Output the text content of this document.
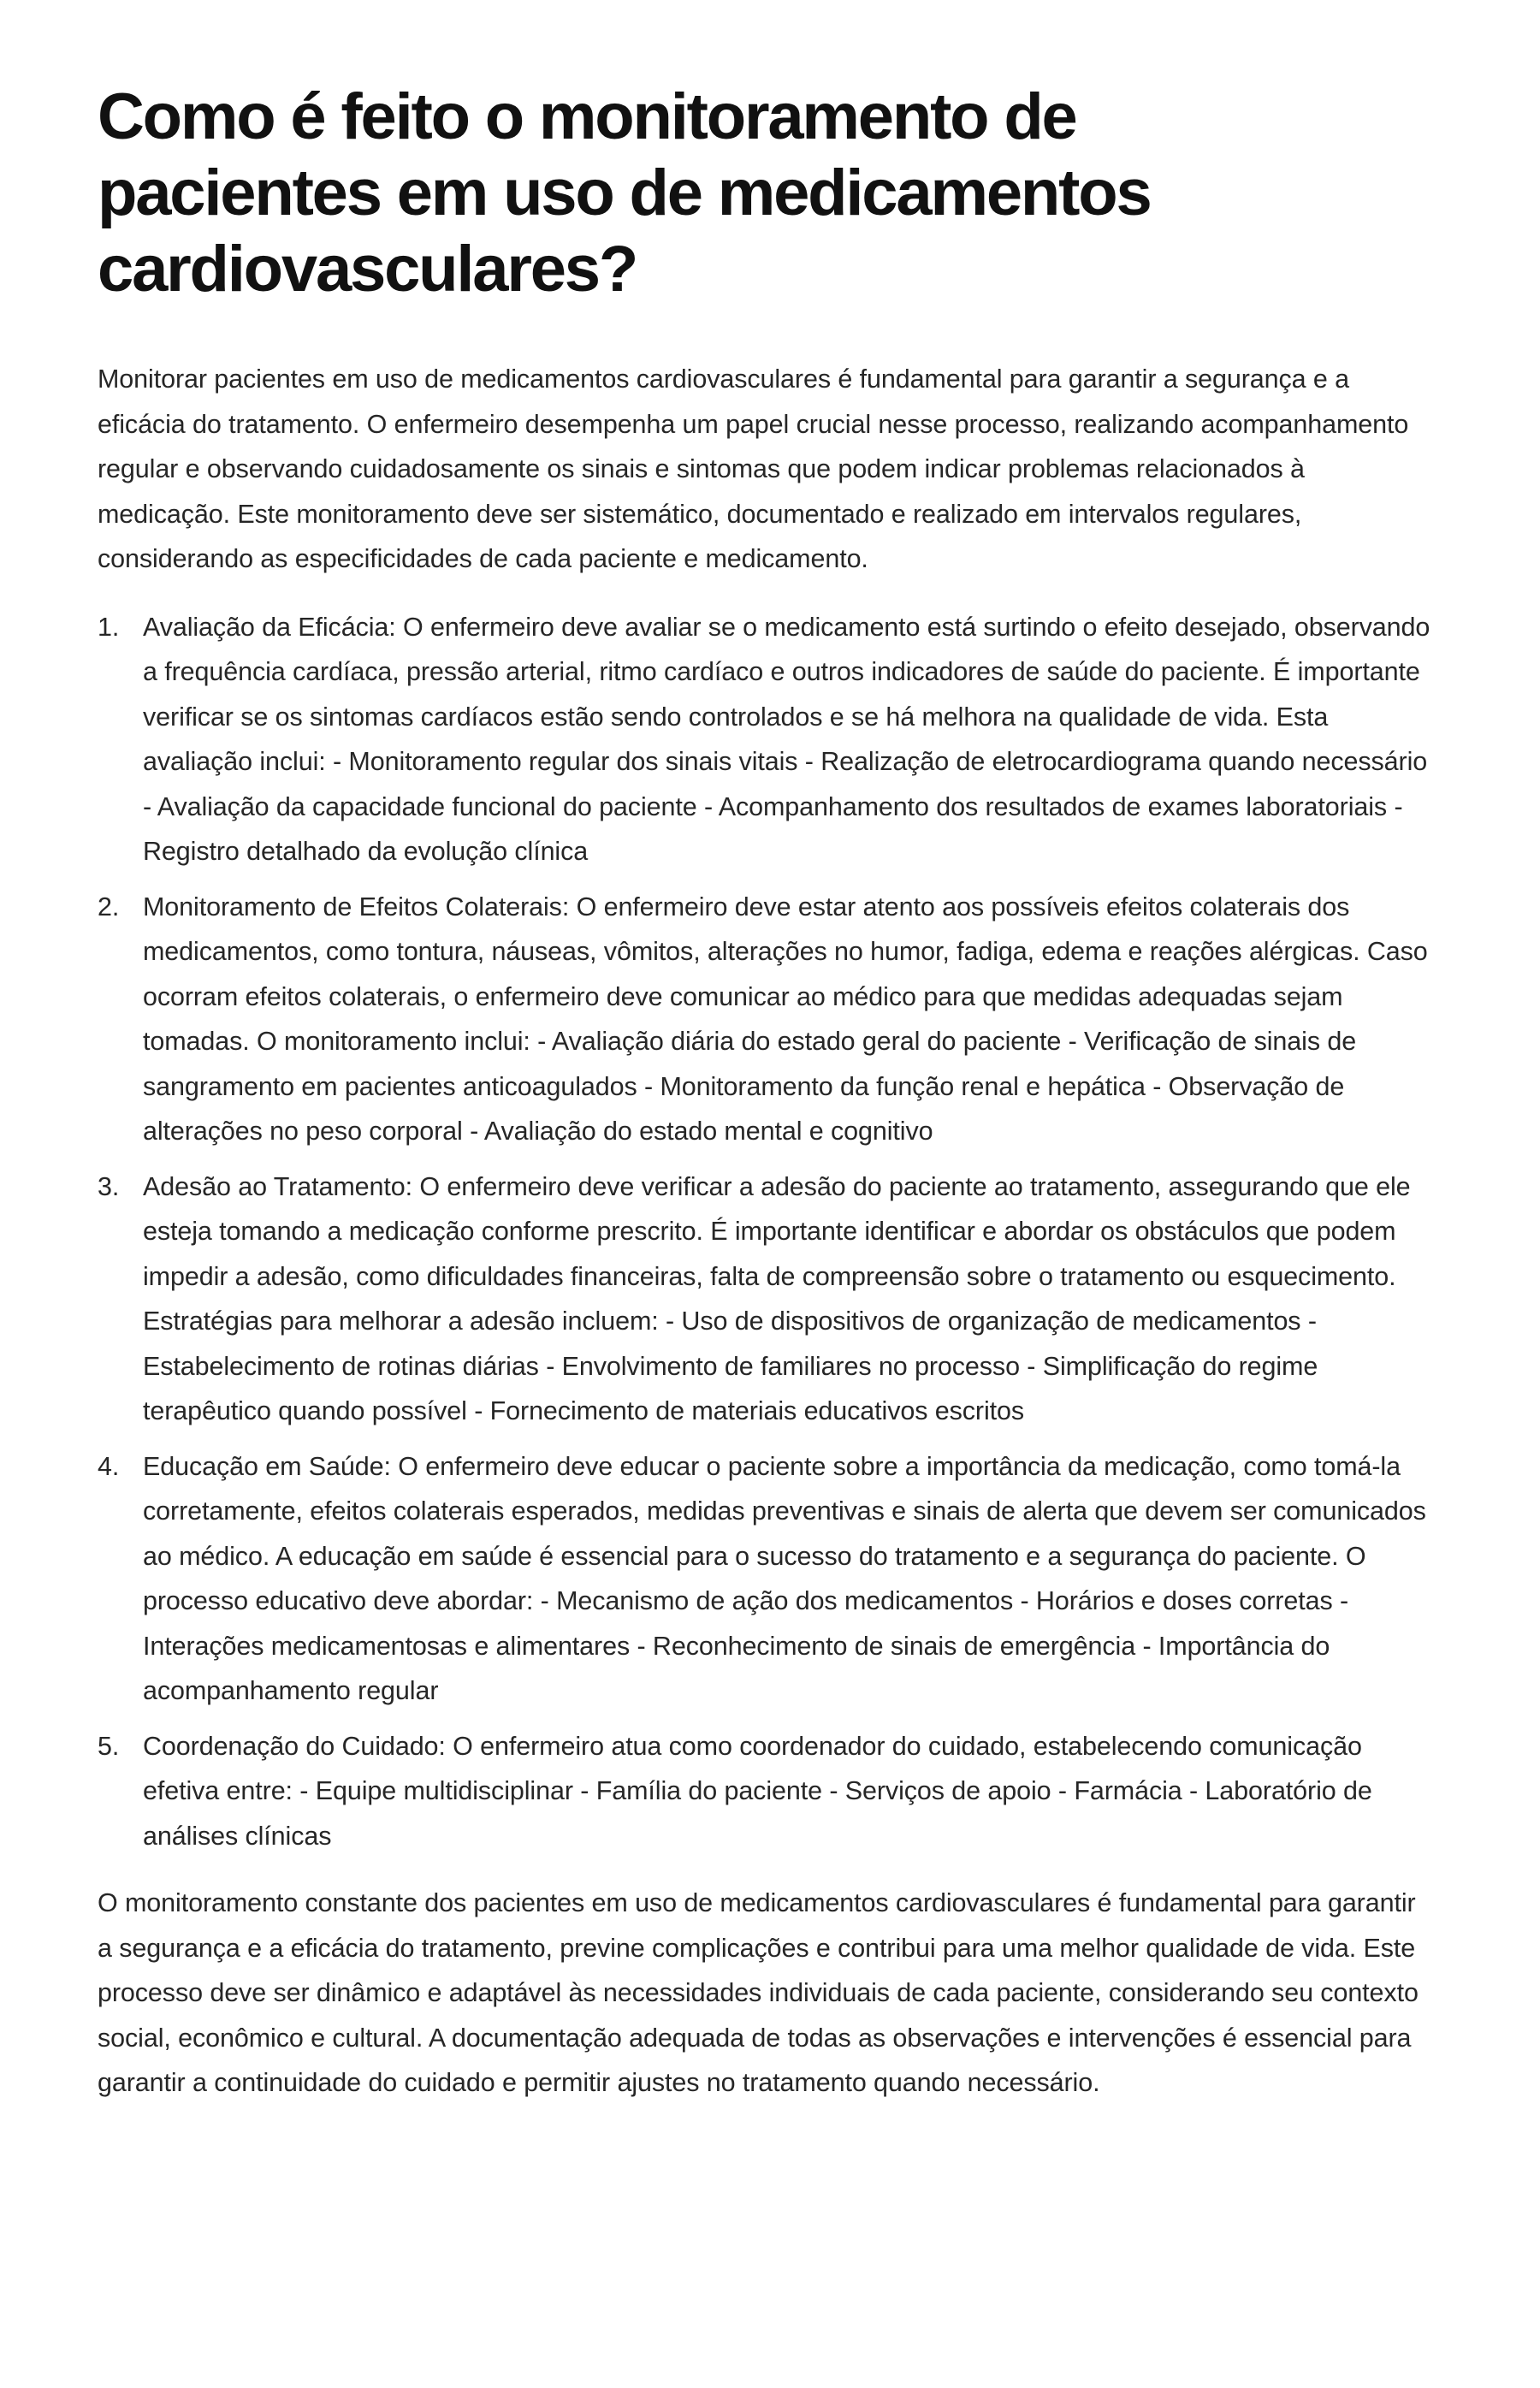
Como é feito o monitoramento de pacientes em uso de medicamentos cardiovasculares?

Monitorar pacientes em uso de medicamentos cardiovasculares é fundamental para garantir a segurança e a eficácia do tratamento. O enfermeiro desempenha um papel crucial nesse processo, realizando acompanhamento regular e observando cuidadosamente os sinais e sintomas que podem indicar problemas relacionados à medicação. Este monitoramento deve ser sistemático, documentado e realizado em intervalos regulares, considerando as especificidades de cada paciente e medicamento.

1. Avaliação da Eficácia: O enfermeiro deve avaliar se o medicamento está surtindo o efeito desejado, observando a frequência cardíaca, pressão arterial, ritmo cardíaco e outros indicadores de saúde do paciente. É importante verificar se os sintomas cardíacos estão sendo controlados e se há melhora na qualidade de vida. Esta avaliação inclui: - Monitoramento regular dos sinais vitais - Realização de eletrocardiograma quando necessário - Avaliação da capacidade funcional do paciente - Acompanhamento dos resultados de exames laboratoriais - Registro detalhado da evolução clínica
2. Monitoramento de Efeitos Colaterais: O enfermeiro deve estar atento aos possíveis efeitos colaterais dos medicamentos, como tontura, náuseas, vômitos, alterações no humor, fadiga, edema e reações alérgicas. Caso ocorram efeitos colaterais, o enfermeiro deve comunicar ao médico para que medidas adequadas sejam tomadas. O monitoramento inclui: - Avaliação diária do estado geral do paciente - Verificação de sinais de sangramento em pacientes anticoagulados - Monitoramento da função renal e hepática - Observação de alterações no peso corporal - Avaliação do estado mental e cognitivo
3. Adesão ao Tratamento: O enfermeiro deve verificar a adesão do paciente ao tratamento, assegurando que ele esteja tomando a medicação conforme prescrito. É importante identificar e abordar os obstáculos que podem impedir a adesão, como dificuldades financeiras, falta de compreensão sobre o tratamento ou esquecimento. Estratégias para melhorar a adesão incluem: - Uso de dispositivos de organização de medicamentos - Estabelecimento de rotinas diárias - Envolvimento de familiares no processo - Simplificação do regime terapêutico quando possível - Fornecimento de materiais educativos escritos
4. Educação em Saúde: O enfermeiro deve educar o paciente sobre a importância da medicação, como tomá-la corretamente, efeitos colaterais esperados, medidas preventivas e sinais de alerta que devem ser comunicados ao médico. A educação em saúde é essencial para o sucesso do tratamento e a segurança do paciente. O processo educativo deve abordar: - Mecanismo de ação dos medicamentos - Horários e doses corretas - Interações medicamentosas e alimentares - Reconhecimento de sinais de emergência - Importância do acompanhamento regular
5. Coordenação do Cuidado: O enfermeiro atua como coordenador do cuidado, estabelecendo comunicação efetiva entre: - Equipe multidisciplinar - Família do paciente - Serviços de apoio - Farmácia - Laboratório de análises clínicas

O monitoramento constante dos pacientes em uso de medicamentos cardiovasculares é fundamental para garantir a segurança e a eficácia do tratamento, previne complicações e contribui para uma melhor qualidade de vida. Este processo deve ser dinâmico e adaptável às necessidades individuais de cada paciente, considerando seu contexto social, econômico e cultural. A documentação adequada de todas as observações e intervenções é essencial para garantir a continuidade do cuidado e permitir ajustes no tratamento quando necessário.
